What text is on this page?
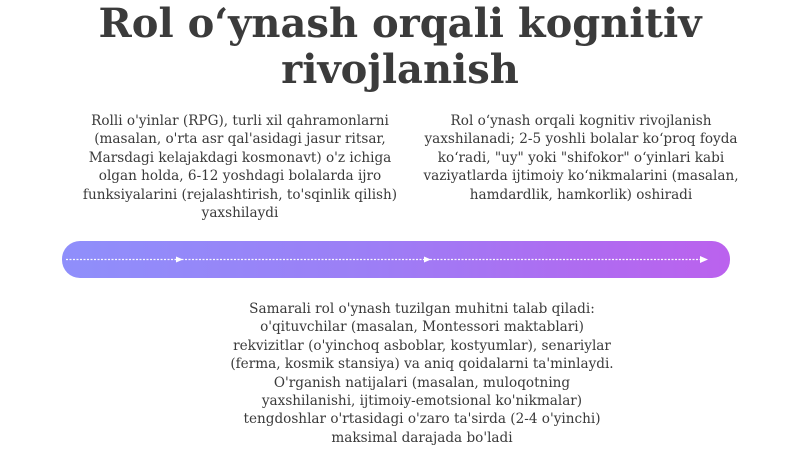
Rol o‘ynash orqali kognitiv
rivojlanish
Rolli o'yinlar (RPG), turli xil qahramonlarni (masalan, o'rta asr qal'asidagi jasur ritsar, Marsdagi kelajakdagi kosmonavt) o'z ichiga olgan holda, 6-12 yoshdagi bolalarda ijro funksiyalarini (rejalashtirish, to'sqinlik qilish) yaxshilaydi
Rol o‘ynash orqali kognitiv rivojlanish yaxshilanadi; 2-5 yoshli bolalar ko‘proq foyda ko‘radi, "uy" yoki "shifokor" o‘yinlari kabi vaziyatlarda ijtimoiy ko‘nikmalarini (masalan, hamdardlik, hamkorlik) oshiradi
Samarali rol o'ynash tuzilgan muhitni talab qiladi: o'qituvchilar (masalan, Montessori maktablari) rekvizitlar (o'yinchoq asboblar, kostyumlar), senariylar (ferma, kosmik stansiya) va aniq qoidalarni ta'minlaydi. O'rganish natijalari (masalan, muloqotning yaxshilanishi, ijtimoiy-emotsional ko'nikmalar) tengdoshlar o'rtasidagi o'zaro ta'sirda (2-4 o'yinchi) maksimal darajada bo'ladi
